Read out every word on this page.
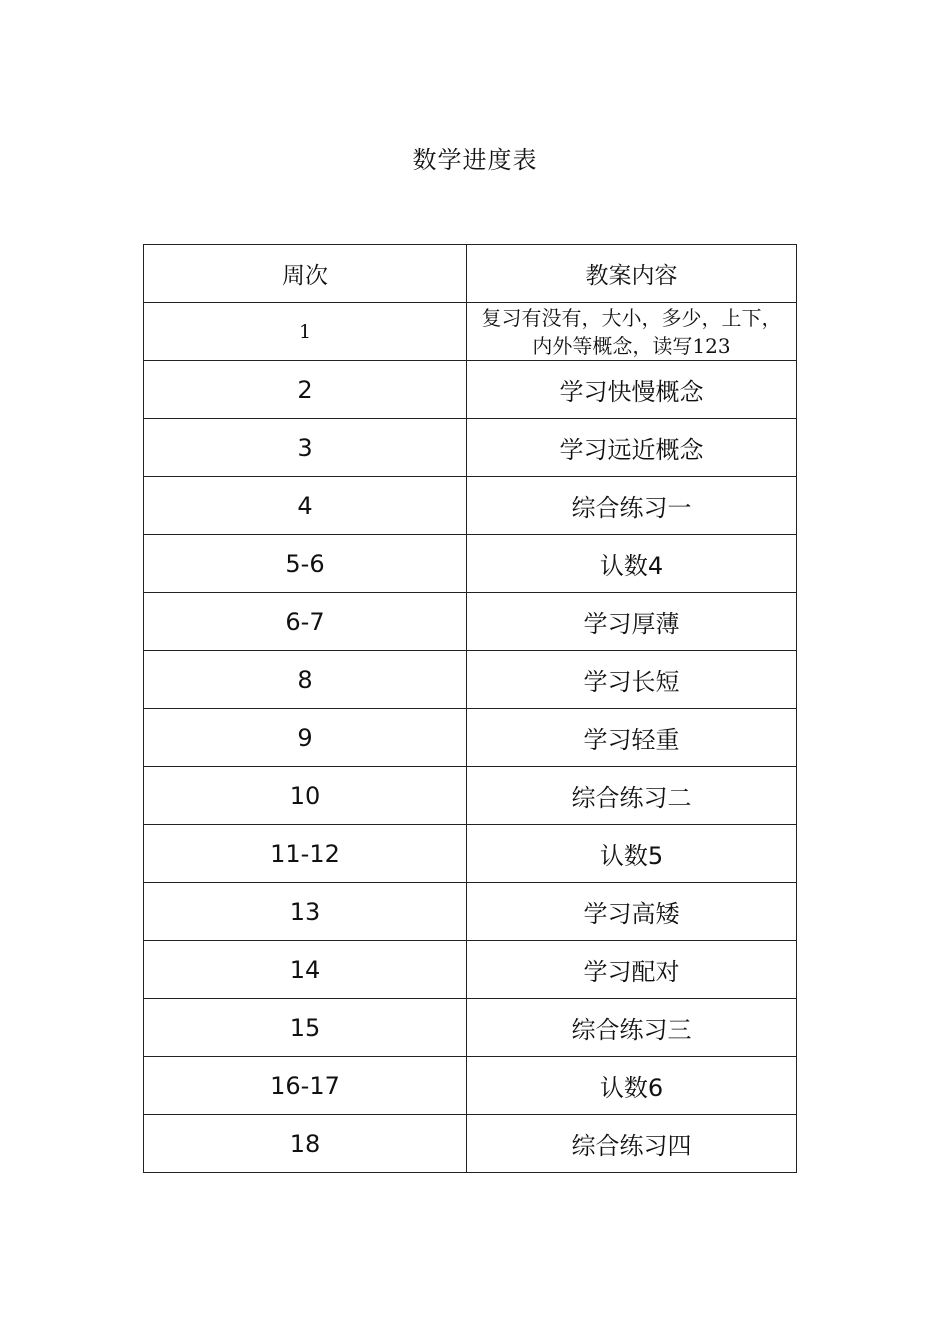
数学进度表
周次	教案内容
1	复习有没有，大小，多少，上下，内外等概念，读写123

2	学习快慢概念
3	学习远近概念
4	综合练习一
5-6	认数4
6-7	学习厚薄
8	学习长短
9	学习轻重
10	综合练习二
11-12	认数5
13	学习高矮
14	学习配对
15	综合练习三
16-17	认数6
18	综合练习四
